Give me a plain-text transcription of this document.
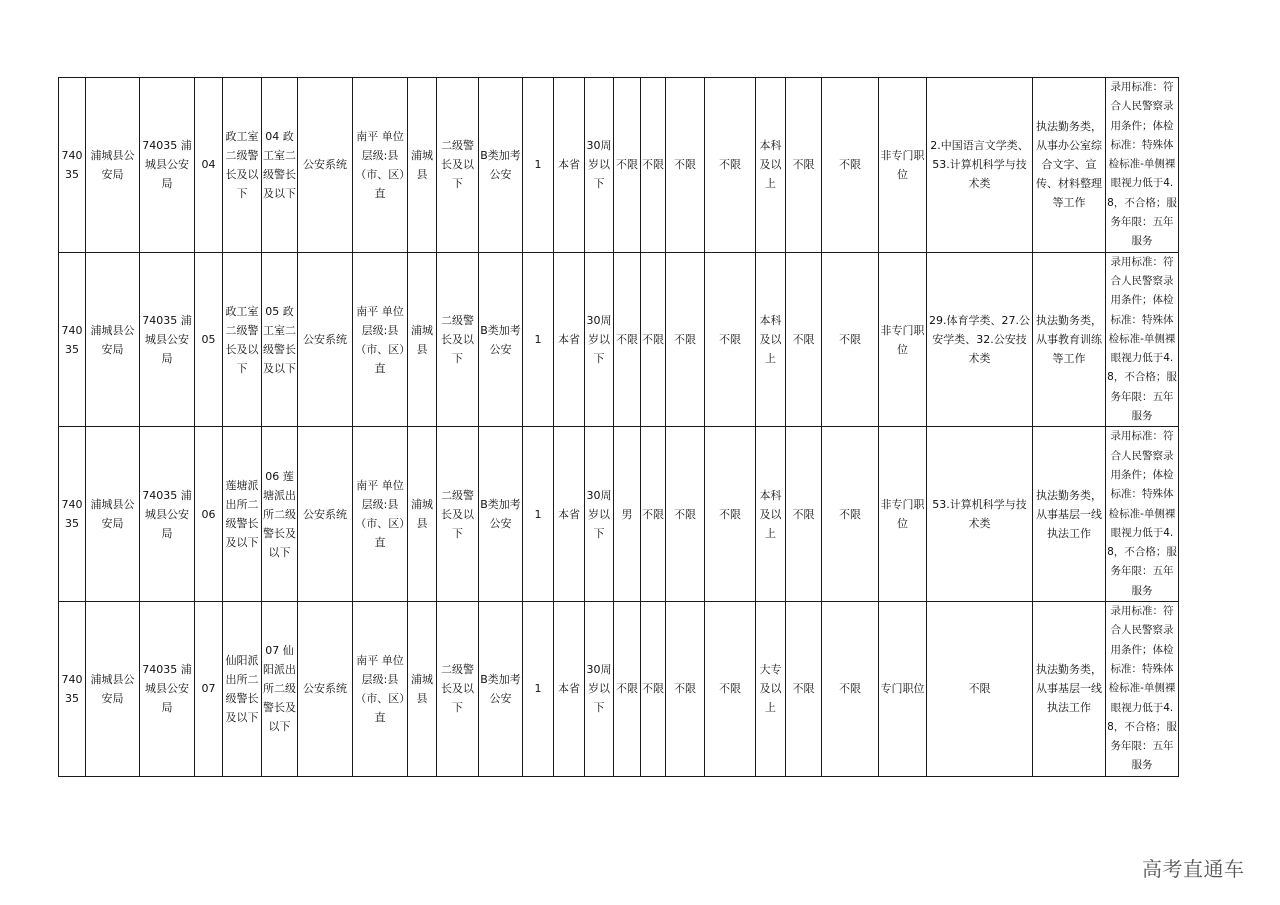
74035	浦城县公安局	74035 浦城县公安局	04	政工室二级警长及以下	04 政工室二级警长及以下	公安系统	南平 单位层级:县（市、区）直	浦城县	二级警长及以下	B类加考公安	1	本省	30周岁以下	不限	不限	不限	不限	本科及以上	不限	不限	非专门职位	2.中国语言文学类、53.计算机科学与技术类	执法勤务类，从事办公室综合文字、宣传、材料整理等工作	录用标准：符合人民警察录用条件；体检标准：特殊体检标准-单侧裸眼视力低于4.8，不合格；服务年限：五年服务
74035	浦城县公安局	74035 浦城县公安局	05	政工室二级警长及以下	05 政工室二级警长及以下	公安系统	南平 单位层级:县（市、区）直	浦城县	二级警长及以下	B类加考公安	1	本省	30周岁以下	不限	不限	不限	不限	本科及以上	不限	不限	非专门职位	29.体育学类、27.公安学类、32.公安技术类	执法勤务类，从事教育训练等工作	录用标准：符合人民警察录用条件；体检标准：特殊体检标准-单侧裸眼视力低于4.8，不合格；服务年限：五年服务
74035	浦城县公安局	74035 浦城县公安局	06	莲塘派出所二级警长及以下	06 莲塘派出所二级警长及以下	公安系统	南平 单位层级:县（市、区）直	浦城县	二级警长及以下	B类加考公安	1	本省	30周岁以下	男	不限	不限	不限	本科及以上	不限	不限	非专门职位	53.计算机科学与技术类	执法勤务类，从事基层一线执法工作	录用标准：符合人民警察录用条件；体检标准：特殊体检标准-单侧裸眼视力低于4.8，不合格；服务年限：五年服务
74035	浦城县公安局	74035 浦城县公安局	07	仙阳派出所二级警长及以下	07 仙阳派出所二级警长及以下	公安系统	南平 单位层级:县（市、区）直	浦城县	二级警长及以下	B类加考公安	1	本省	30周岁以下	不限	不限	不限	不限	大专及以上	不限	不限	专门职位	不限	执法勤务类，从事基层一线执法工作	录用标准：符合人民警察录用条件；体检标准：特殊体检标准-单侧裸眼视力低于4.8，不合格；服务年限：五年服务
高考直通车
